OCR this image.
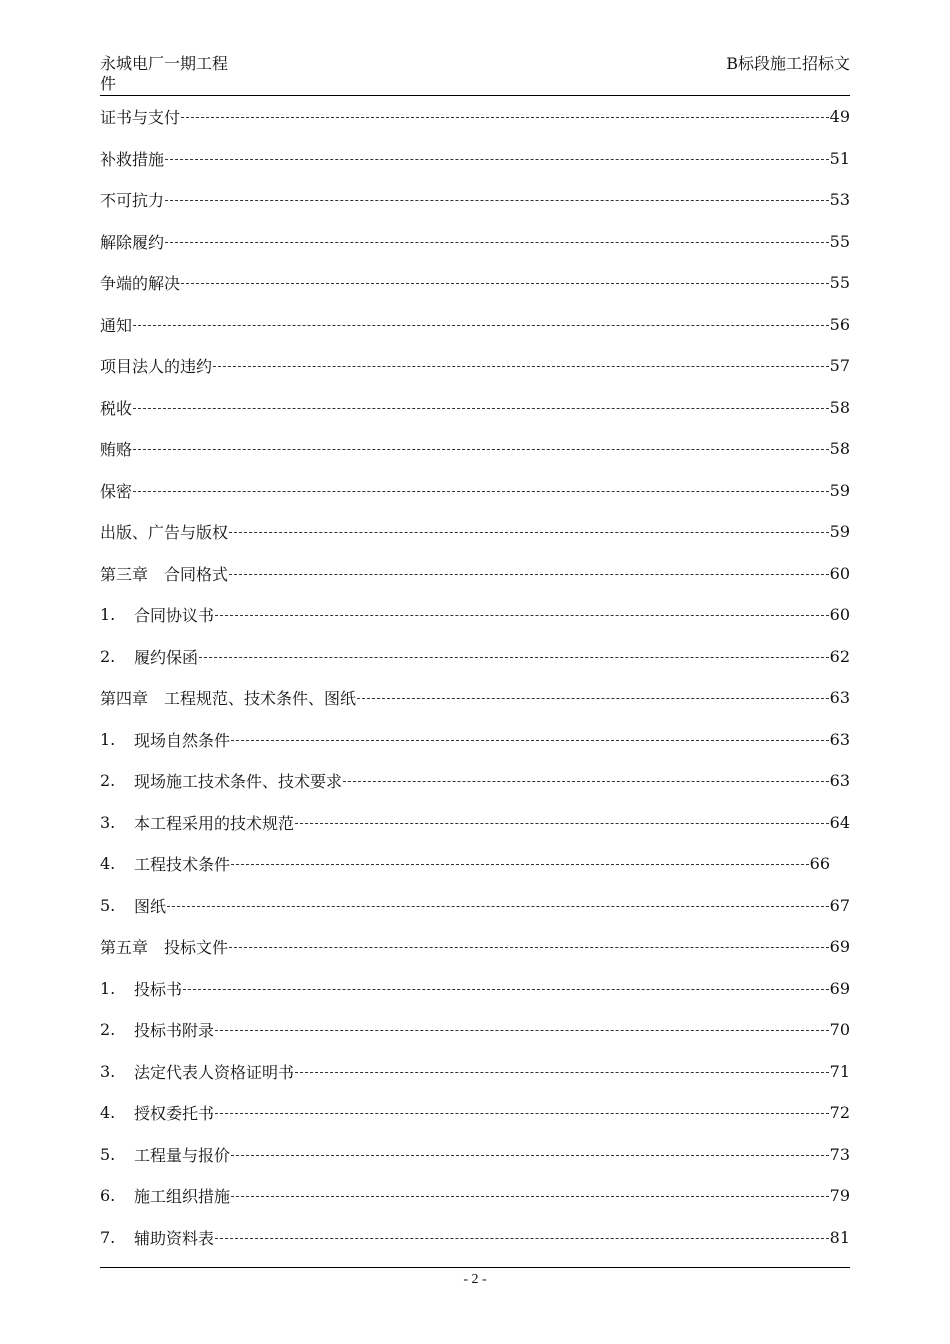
永城电厂一期工程
件
B标段施工招标文
证书与支付	49
补救措施	51
不可抗力	53
解除履约	55
争端的解决	55
通知	56
项目法人的违约	57
税收	58
贿赂	58
保密	59
出版、广告与版权	59
第三章　合同格式	60
1.	合同协议书	60
2.	履约保函	62
第四章　工程规范、技术条件、图纸	63
1.	现场自然条件	63
2.	现场施工技术条件、技术要求	63
3.	本工程采用的技术规范	64
4.	工程技术条件	66
5.	图纸	67
第五章　投标文件	69
1.	投标书	69
2.	投标书附录	70
3.	法定代表人资格证明书	71
4.	授权委托书	72
5.	工程量与报价	73
6.	施工组织措施	79
7.	辅助资料表	81
- 2 -
